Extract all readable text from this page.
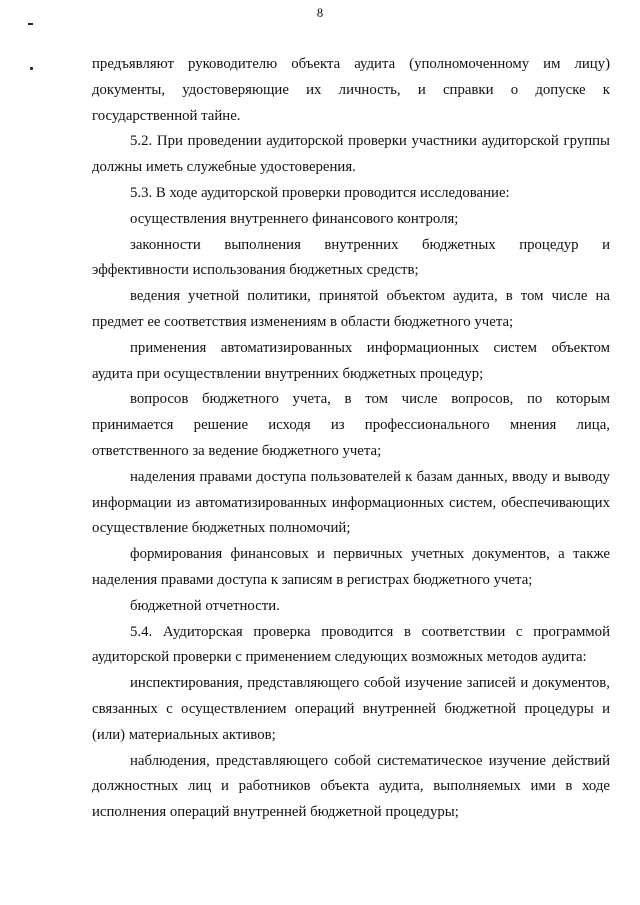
8

предъявляют руководителю объекта аудита (уполномоченному им лицу) документы, удостоверяющие их личность, и справки о допуске к государственной тайне.

5.2. При проведении аудиторской проверки участники аудиторской группы должны иметь служебные удостоверения.

5.3. В ходе аудиторской проверки проводится исследование:

осуществления внутреннего финансового контроля;

законности выполнения внутренних бюджетных процедур и эффективности использования бюджетных средств;

ведения учетной политики, принятой объектом аудита, в том числе на предмет ее соответствия изменениям в области бюджетного учета;

применения автоматизированных информационных систем объектом аудита при осуществлении внутренних бюджетных процедур;

вопросов бюджетного учета, в том числе вопросов, по которым принимается решение исходя из профессионального мнения лица, ответственного за ведение бюджетного учета;

наделения правами доступа пользователей к базам данных, вводу и выводу информации из автоматизированных информационных систем, обеспечивающих осуществление бюджетных полномочий;

формирования финансовых и первичных учетных документов, а также наделения правами доступа к записям в регистрах бюджетного учета;

бюджетной отчетности.

5.4. Аудиторская проверка проводится в соответствии с программой аудиторской проверки с применением следующих возможных методов аудита:

инспектирования, представляющего собой изучение записей и документов, связанных с осуществлением операций внутренней бюджетной процедуры и (или) материальных активов;

наблюдения, представляющего собой систематическое изучение действий должностных лиц и работников объекта аудита, выполняемых ими в ходе исполнения операций внутренней бюджетной процедуры;
